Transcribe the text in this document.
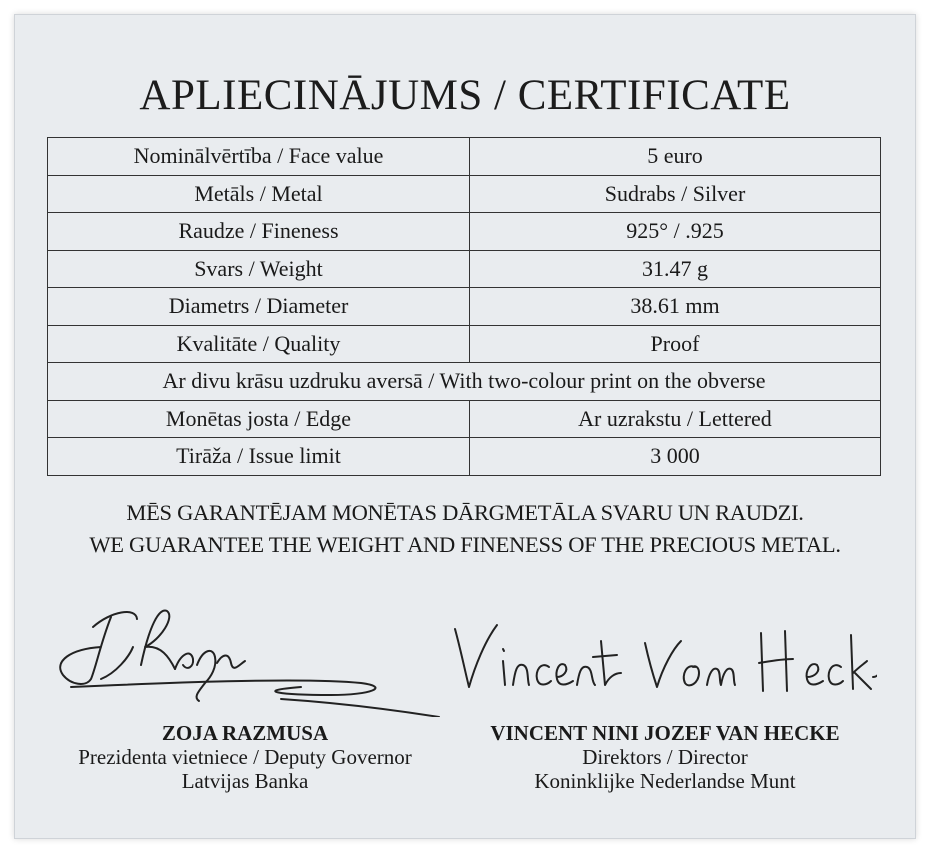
APLIECINĀJUMS / CERTIFICATE
Nominālvērtība / Face value	5 euro
Metāls / Metal	Sudrabs / Silver
Raudze / Fineness	925° / .925
Svars / Weight	31.47 g
Diametrs / Diameter	38.61 mm
Kvalitāte / Quality	Proof
Ar divu krāsu uzdruku aversā / With two-colour print on the obverse	
Monētas josta / Edge	Ar uzrakstu / Lettered
Tirāža / Issue limit	3 000
MĒS GARANTĒJAM MONĒTAS DĀRGMETĀLA SVARU UN RAUDZI.
WE GUARANTEE THE WEIGHT AND FINENESS OF THE PRECIOUS METAL.
ZOJA RAZMUSA
Prezidenta vietniece / Deputy Governor
Latvijas Banka
VINCENT NINI JOZEF VAN HECKE
Direktors / Director
Koninklijke Nederlandse Munt
